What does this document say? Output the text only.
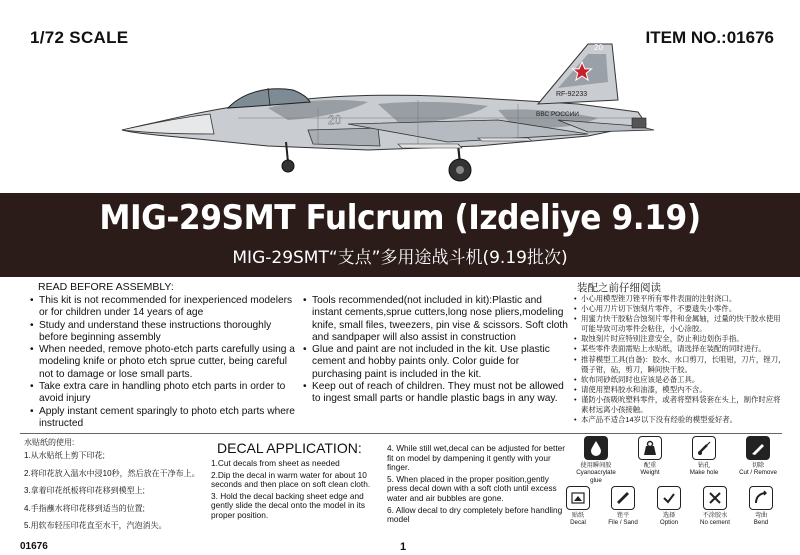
1/72 SCALE	ITEM NO.:01676
20
RF-92233
ВВС РОССИИ
20
MIG-29SMT Fulcrum (Izdeliye 9.19)
MIG-29SMT“支点”多用途战斗机(9.19批次)
READ BEFORE ASSEMBLY:
• This kit is not recommended for inexperienced modelers or for children under 14 years of age
• Study and understand these instructions thoroughly before beginning assembly
• When needed, remove photo-etch parts carefully using a modeling knife or photo etch sprue cutter, being careful not to damage or lose small parts.
• Take extra care in handling photo etch parts in order to avoid injury
• Apply instant cement sparingly to photo etch parts where instructed
• Tools recommended(not included in kit):Plastic and instant cements,sprue cutters,long nose pliers,modeling knife, small files, tweezers, pin vise & scissors. Soft cloth and sandpaper will also assist in construction
• Glue and paint are not included in the kit. Use plastic cement and hobby paints only. Color guide for purchasing paint is included in the kit.
• Keep out of reach of children. They must not be allowed to ingest small parts or handle plastic bags in any way.
装配之前仔细阅读
• 小心用模型锉刀锉平所有零件表面的注射浇口。
• 小心用刀片切下蚀刻片零件，不要遗失小零件。
• 用蜜力快干胶粘合蚀刻片零件和金属轴，过量的快干胶水使用可能导致可动零件会粘住，小心涂胶。
• 取蚀刻片时应特别注意安全，防止利边划伤手指。
• 某些零件表面需贴上水贴纸，请选择在装配的同时进行。
• 推荐模型工具(自备)：胶水、水口剪刀，长咀钳，刀片，锉刀，镊子钳，砧，剪刀，瞬间快干胶。
• 软布同砂纸同时也应该是必备工具。
• 请使用塑料胶水和油漆，模型内不含。
• 谨防小孩吸吮塑料零件，或者将塑料袋套在头上，制作时应将素材远离小孩接触。
• 本产品不适合14岁以下没有经验的模型爱好者。
水贴纸的使用:
1.从水贴纸上剪下印花;
2.将印花放入温水中浸10秒，然后放在干净布上。
3.拿着印花纸板将印花移到模型上;
4.手指蘸水将印花移到适当的位置;
5.用软布轻压印花直至水干，汽泡消失。
DECAL APPLICATION:

1.Cut decals from sheet as needed

2.Dip the decal in warm water for about 10 seconds and then place on soft clean cloth.

3. Hold the decal backing sheet edge and gently slide the decal onto the model in its proper position.

4. While still wet,decal can be adjusted for better fit on model by dampening it gently with your finger.

5. When placed in the proper position,gently press decal down with a soft cloth until excess water and air bubbles are gone.

6. Allow decal to dry completely before handling model

使用瞬间胶
Cyanoacrylate glue
配重
Weight
钻孔
Make hole
切除
Cut / Remove
贴纸
Decal
锉平
File / Sand
选择
Option
不涂胶水
No cement
弯曲
Bend
01676	1
